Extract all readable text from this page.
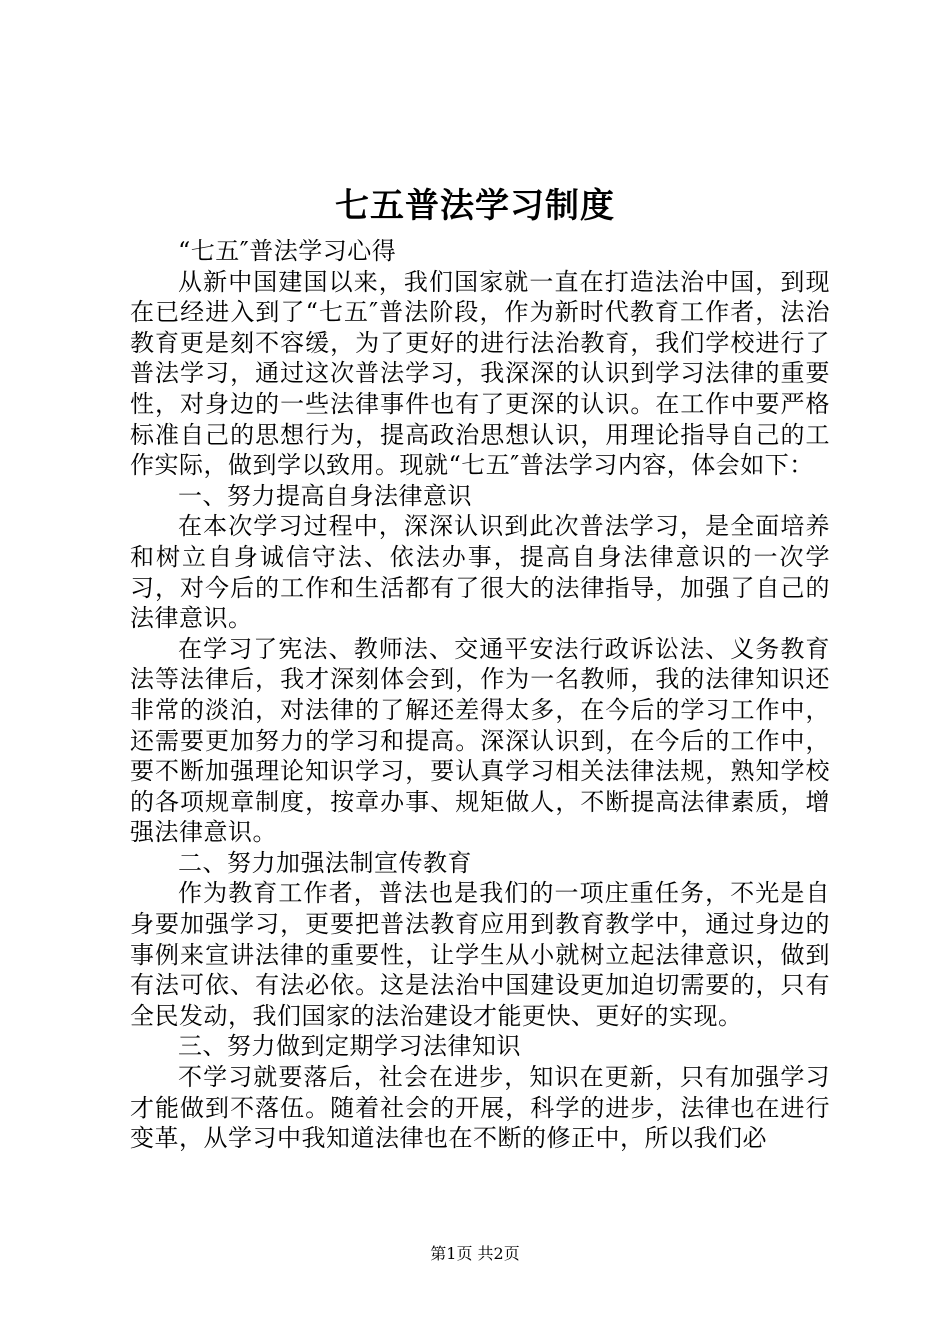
七五普法学习制度

“七五″普法学习心得

从新中国建国以来，我们国家就一直在打造法治中国，到现在已经进入到了“七五″普法阶段，作为新时代教育工作者，法治教育更是刻不容缓，为了更好的进行法治教育，我们学校进行了普法学习，通过这次普法学习，我深深的认识到学习法律的重要性，对身边的一些法律事件也有了更深的认识。在工作中要严格标准自己的思想行为，提高政治思想认识，用理论指导自己的工作实际，做到学以致用。现就“七五″普法学习内容，体会如下：

一、努力提高自身法律意识

在本次学习过程中，深深认识到此次普法学习，是全面培养和树立自身诚信守法、依法办事，提高自身法律意识的一次学习，对今后的工作和生活都有了很大的法律指导，加强了自己的法律意识。

在学习了宪法、教师法、交通平安法行政诉讼法、义务教育法等法律后，我才深刻体会到，作为一名教师，我的法律知识还非常的淡泊，对法律的了解还差得太多，在今后的学习工作中，还需要更加努力的学习和提高。深深认识到，在今后的工作中，要不断加强理论知识学习，要认真学习相关法律法规，熟知学校的各项规章制度，按章办事、规矩做人，不断提高法律素质，增强法律意识。

二、努力加强法制宣传教育

作为教育工作者，普法也是我们的一项庄重任务，不光是自身要加强学习，更要把普法教育应用到教育教学中，通过身边的事例来宣讲法律的重要性，让学生从小就树立起法律意识，做到有法可依、有法必依。这是法治中国建设更加迫切需要的，只有全民发动，我们国家的法治建设才能更快、更好的实现。

三、努力做到定期学习法律知识

不学习就要落后，社会在进步，知识在更新，只有加强学习才能做到不落伍。随着社会的开展，科学的进步，法律也在进行变革，从学习中我知道法律也在不断的修正中，所以我们必

第1页 共2页
